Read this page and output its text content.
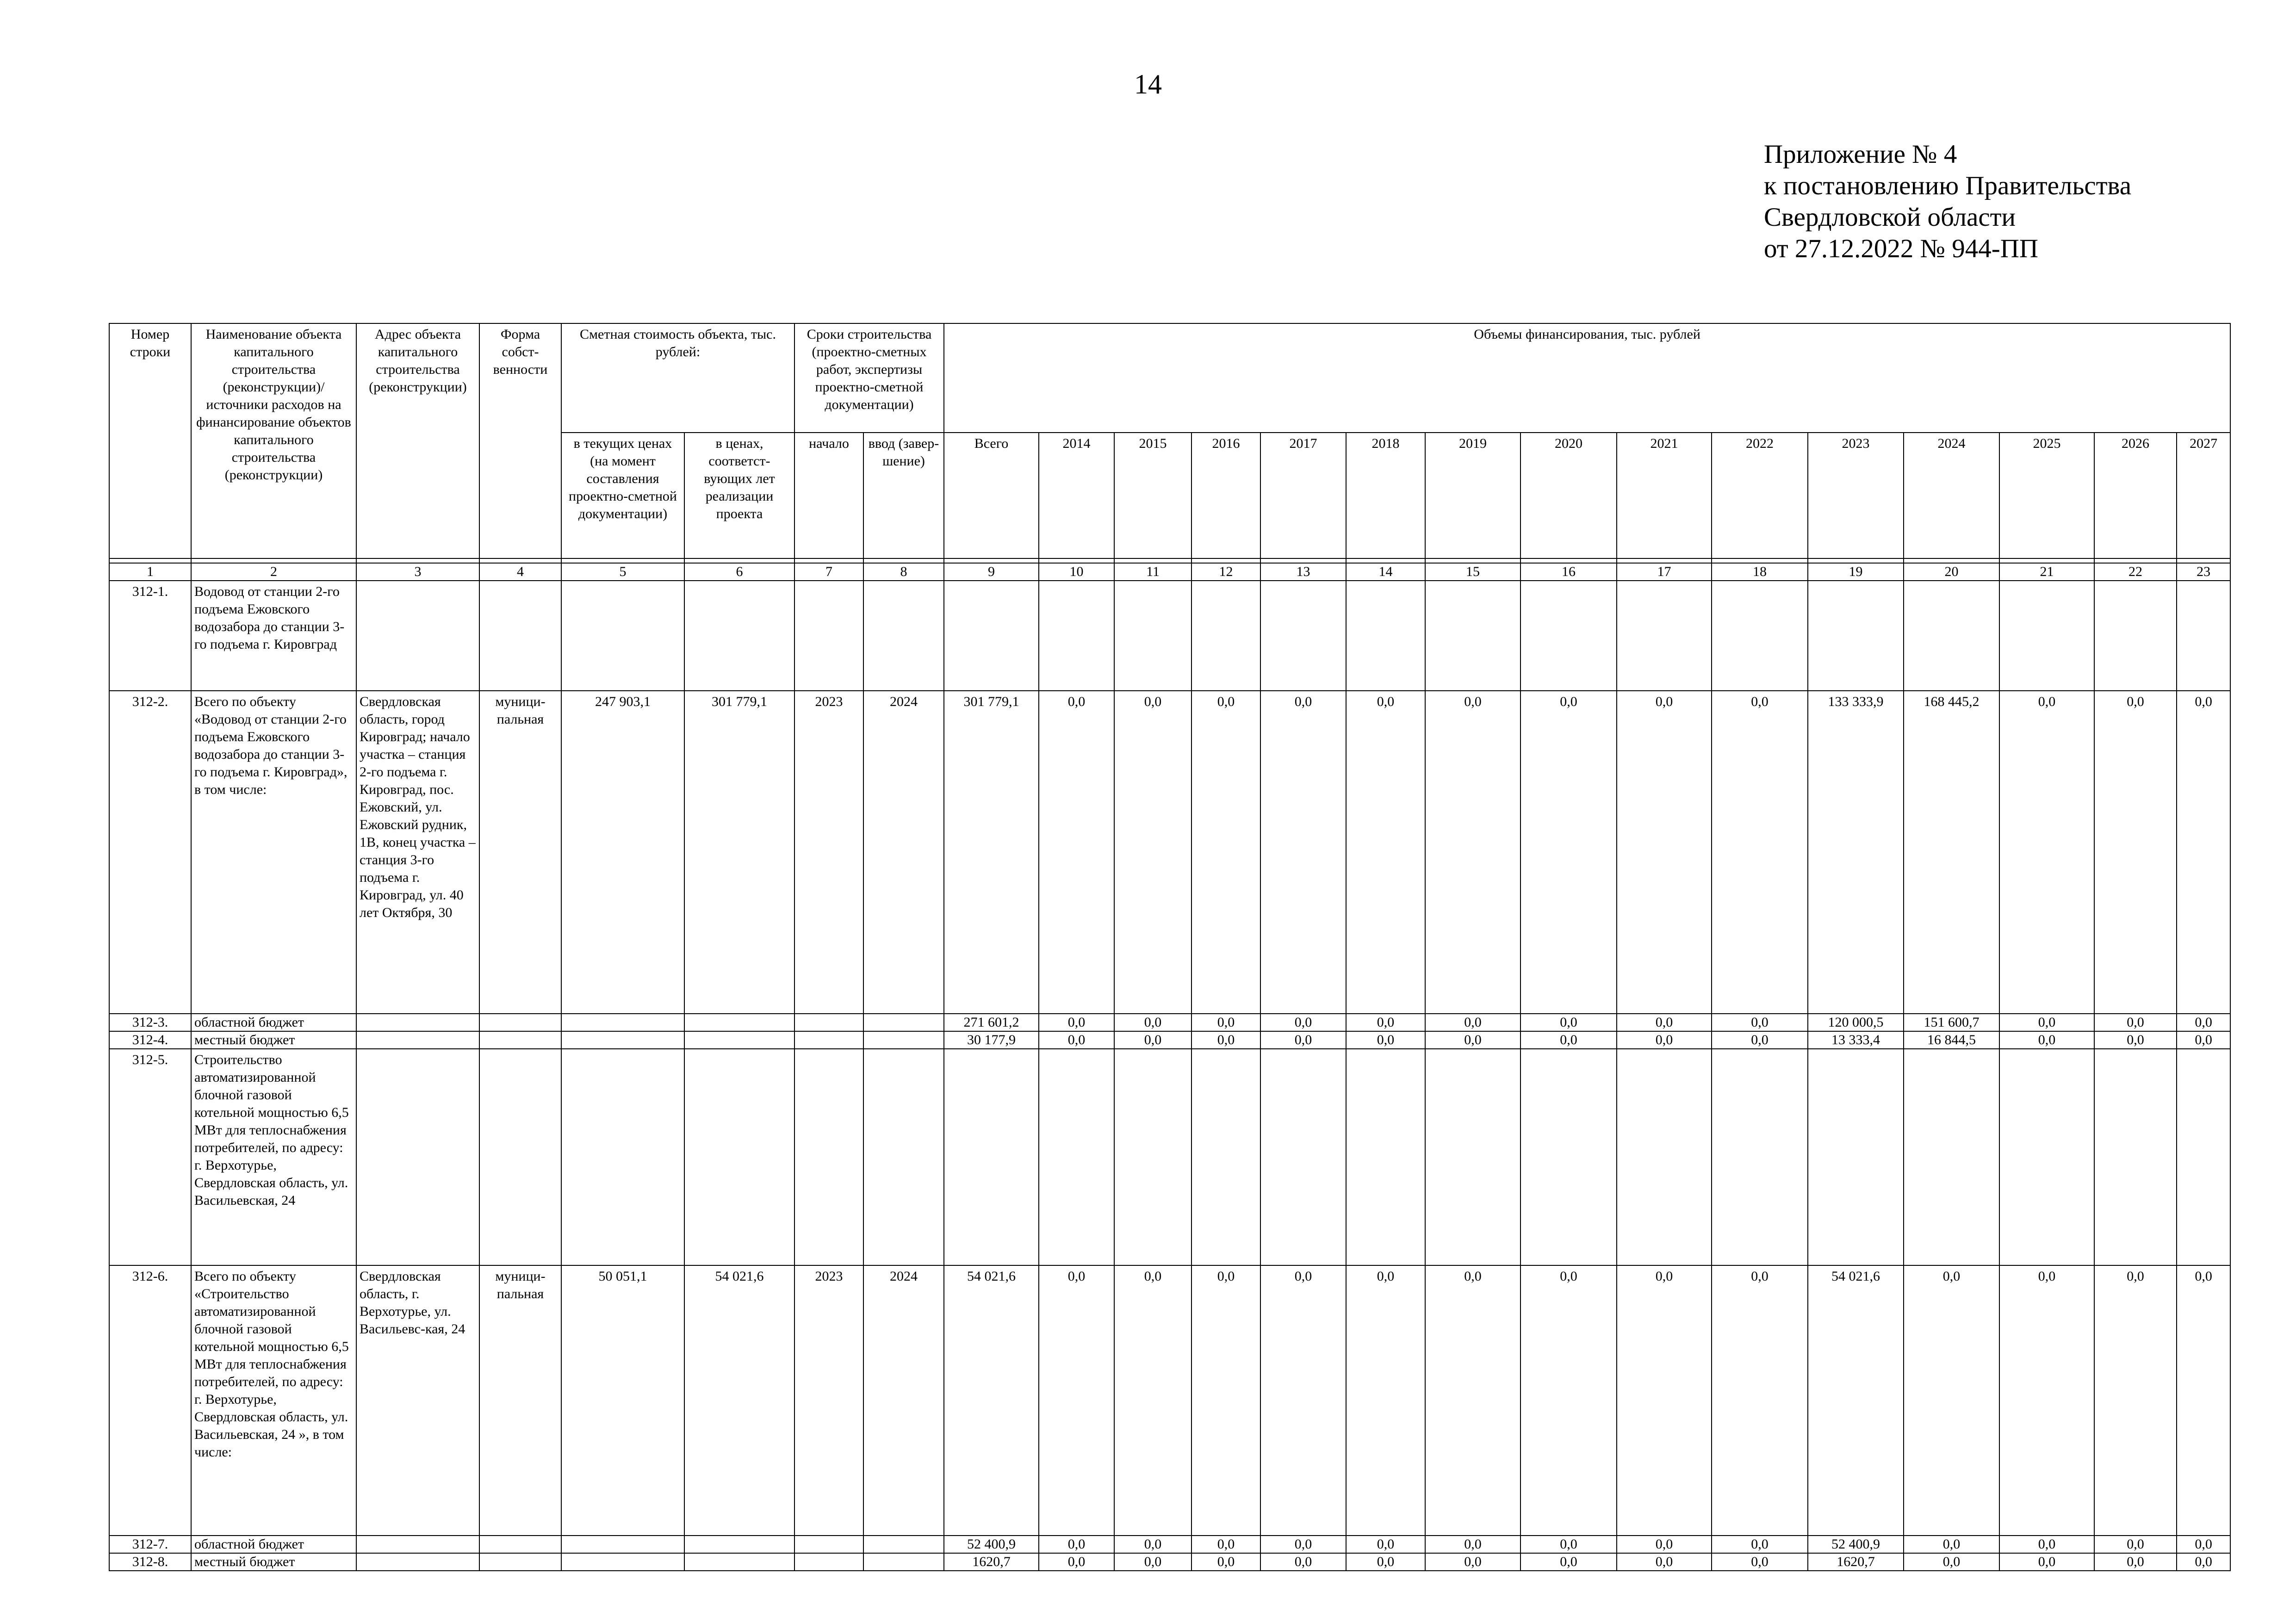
14
Приложение № 4
к постановлению Правительства
Свердловской области
от 27.12.2022 № 944-ПП
Номер строки	Наименование объекта капитального строительства (реконструкции)/источники расходов на финансирование объектов капитального строительства (реконструкции)	Адрес объекта капитального строительства (реконструкции)	Форма собст-венности	Сметная стоимость объекта, тыс. рублей:		Сроки строительства (проектно-сметных работ, экспертизы проектно-сметной документации)		Объемы финансирования, тыс. рублей														
				в текущих ценах (на момент составления проектно-сметной документации)	в ценах, соответст-вующих лет реализации проекта	начало	ввод (завер-шение)	Всего	2014	2015	2016	2017	2018	2019	2020	2021	2022	2023	2024	2025	2026	2027

1	2	3	4	5	6	7	8	9	10	11	12	13	14	15	16	17	18	19	20	21	22	23
312-1.	Водовод от станции 2-го подъема Ежовского водозабора до станции 3-го подъема г. Кировград																					
312-2.	Всего по объекту «Водовод от станции 2-го подъема Ежовского водозабора до станции 3-го подъема г. Кировград», в том числе:	Свердловская область, город Кировград; начало участка – станция 2-го подъема г. Кировград, пос. Ежовский, ул. Ежовский рудник, 1В, конец участка – станция 3-го подъема г. Кировград, ул. 40 лет Октября, 30	муници-пальная	247 903,1	301 779,1	2023	2024	301 779,1	0,0	0,0	0,0	0,0	0,0	0,0	0,0	0,0	0,0	133 333,9	168 445,2	0,0	0,0	0,0
312-3.	областной бюджет							271 601,2	0,0	0,0	0,0	0,0	0,0	0,0	0,0	0,0	0,0	120 000,5	151 600,7	0,0	0,0	0,0
312-4.	местный бюджет							30 177,9	0,0	0,0	0,0	0,0	0,0	0,0	0,0	0,0	0,0	13 333,4	16 844,5	0,0	0,0	0,0
312-5.	Строительство автоматизированной блочной газовой котельной мощностью 6,5 МВт для теплоснабжения потребителей, по адресу: г. Верхотурье, Свердловская область, ул. Васильевская, 24																					
312-6.	Всего по объекту «Строительство автоматизированной блочной газовой котельной мощностью 6,5 МВт для теплоснабжения потребителей, по адресу: г. Верхотурье, Свердловская область, ул. Васильевская, 24 », в том числе:	Свердловская область, г. Верхотурье, ул. Васильевс-кая, 24	муници-пальная	50 051,1	54 021,6	2023	2024	54 021,6	0,0	0,0	0,0	0,0	0,0	0,0	0,0	0,0	0,0	54 021,6	0,0	0,0	0,0	0,0
312-7.	областной бюджет							52 400,9	0,0	0,0	0,0	0,0	0,0	0,0	0,0	0,0	0,0	52 400,9	0,0	0,0	0,0	0,0
312-8.	местный бюджет							1620,7	0,0	0,0	0,0	0,0	0,0	0,0	0,0	0,0	0,0	1620,7	0,0	0,0	0,0	0,0
